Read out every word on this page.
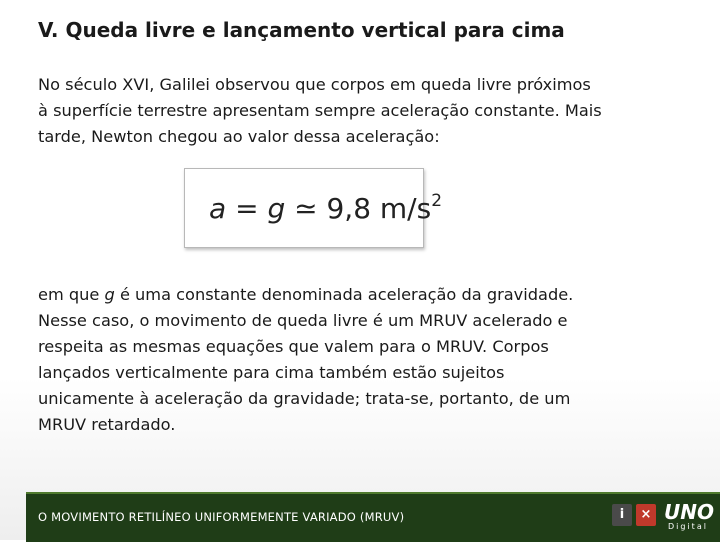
V. Queda livre e lançamento vertical para cima

No século XVI, Galilei observou que corpos em queda livre próximos
à superfície terrestre apresentam sempre aceleração constante. Mais
tarde, Newton chegou ao valor dessa aceleração:

a = g ≃ 9,8 $m/s^2$

em que g é uma constante denominada aceleração da gravidade.
Nesse caso, o movimento de queda livre é um MRUV acelerado e
respeita as mesmas equações que valem para o MRUV. Corpos
lançados verticalmente para cima também estão sujeitos
unicamente à aceleração da gravidade; trata-se, portanto, de um
MRUV retardado.

O MOVIMENTO RETILÍNEO UNIFORMEMENTE VARIADO (MRUV)	i	× UNO
Digital
